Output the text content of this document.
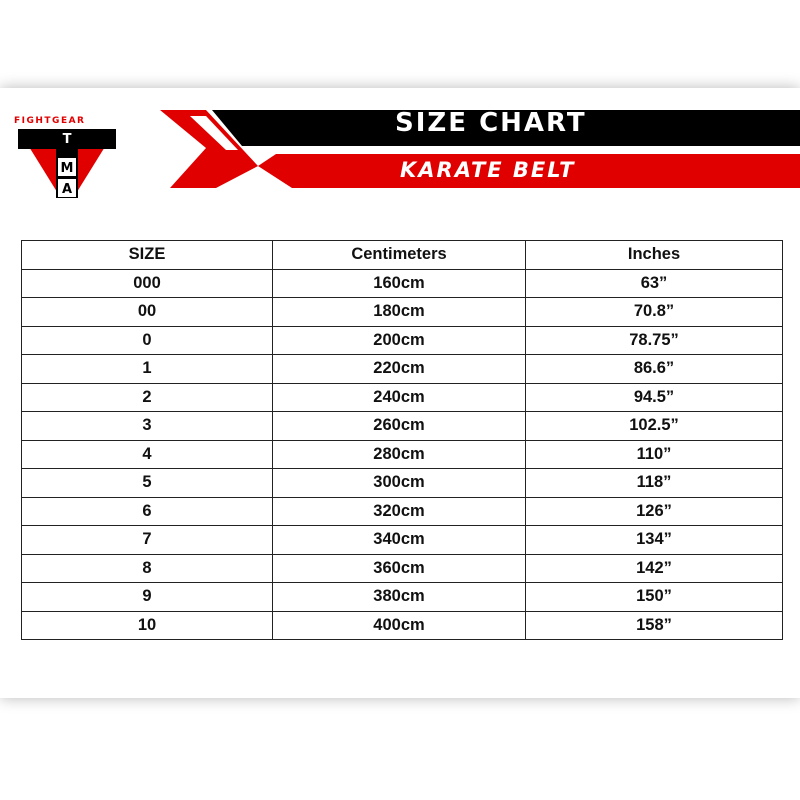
FIGHTGEAR
T
M
A
SIZE CHART
KARATE BELT
SIZE	Centimeters	Inches
000	160cm	63”
00	180cm	70.8”
0	200cm	78.75”
1	220cm	86.6”
2	240cm	94.5”
3	260cm	102.5”
4	280cm	110”
5	300cm	118”
6	320cm	126”
7	340cm	134”
8	360cm	142”
9	380cm	150”
10	400cm	158”
